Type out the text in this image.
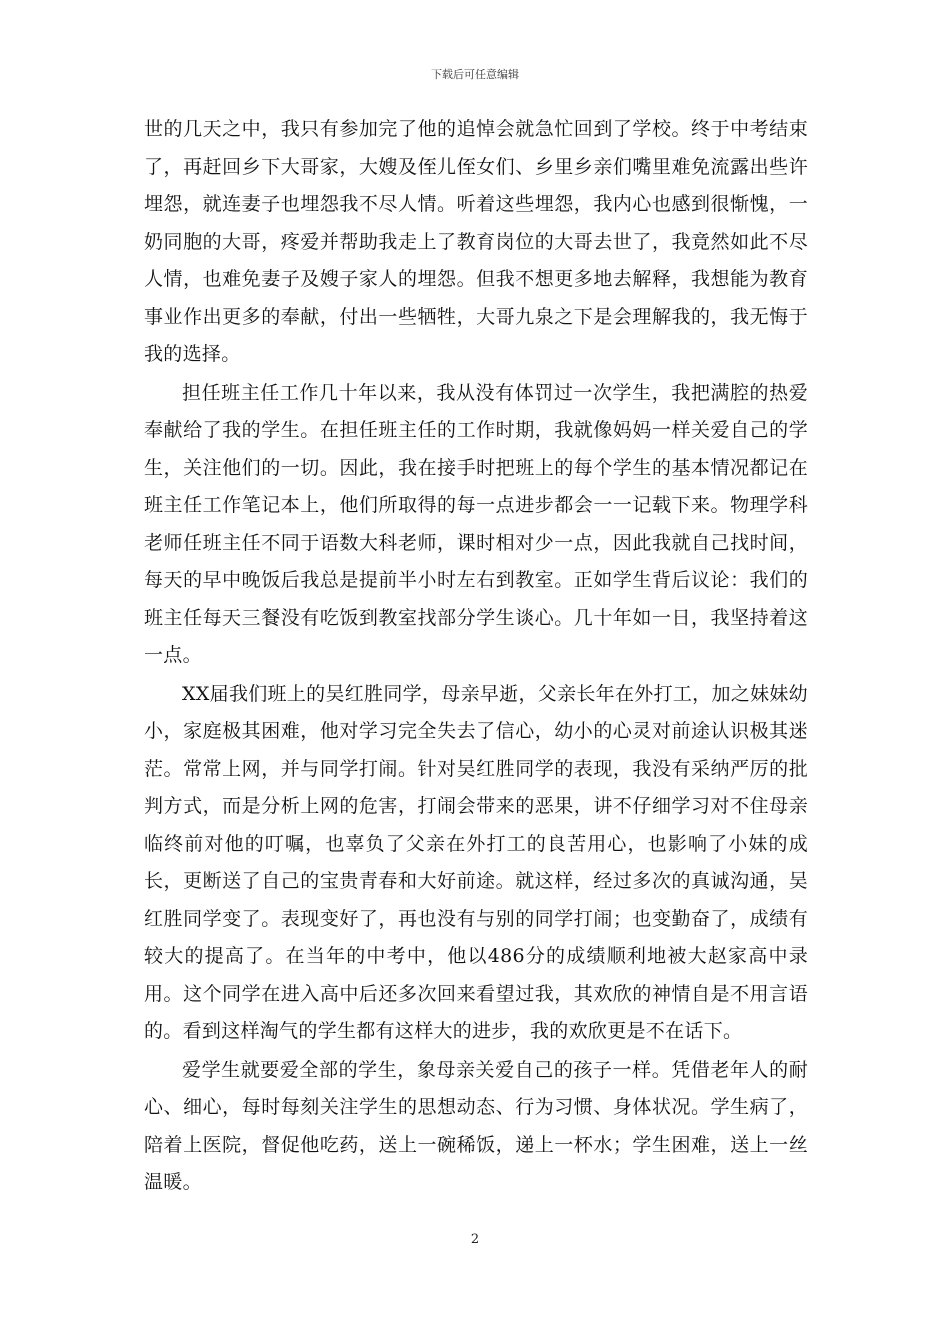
下载后可任意编辑

世的几天之中，我只有参加完了他的追悼会就急忙回到了学校。终于中考结束了，再赶回乡下大哥家，大嫂及侄儿侄女们、乡里乡亲们嘴里难免流露出些许埋怨，就连妻子也埋怨我不尽人情。听着这些埋怨，我内心也感到很惭愧，一奶同胞的大哥，疼爱并帮助我走上了教育岗位的大哥去世了，我竟然如此不尽人情，也难免妻子及嫂子家人的埋怨。但我不想更多地去解释，我想能为教育事业作出更多的奉献，付出一些牺牲，大哥九泉之下是会理解我的，我无悔于我的选择。

担任班主任工作几十年以来，我从没有体罚过一次学生，我把满腔的热爱奉献给了我的学生。在担任班主任的工作时期，我就像妈妈一样关爱自己的学生，关注他们的一切。因此，我在接手时把班上的每个学生的基本情况都记在班主任工作笔记本上，他们所取得的每一点进步都会一一记载下来。物理学科老师任班主任不同于语数大科老师，课时相对少一点，因此我就自己找时间，每天的早中晚饭后我总是提前半小时左右到教室。正如学生背后议论：我们的班主任每天三餐没有吃饭到教室找部分学生谈心。几十年如一日，我坚持着这一点。

XX届我们班上的吴红胜同学，母亲早逝，父亲长年在外打工，加之妹妹幼小，家庭极其困难，他对学习完全失去了信心，幼小的心灵对前途认识极其迷茫。常常上网，并与同学打闹。针对吴红胜同学的表现，我没有采纳严厉的批判方式，而是分析上网的危害，打闹会带来的恶果，讲不仔细学习对不住母亲临终前对他的叮嘱，也辜负了父亲在外打工的良苦用心，也影响了小妹的成长，更断送了自己的宝贵青春和大好前途。就这样，经过多次的真诚沟通，吴红胜同学变了。表现变好了，再也没有与别的同学打闹；也变勤奋了，成绩有较大的提高了。在当年的中考中，他以486分的成绩顺利地被大赵家高中录用。这个同学在进入高中后还多次回来看望过我，其欢欣的神情自是不用言语的。看到这样淘气的学生都有这样大的进步，我的欢欣更是不在话下。

爱学生就要爱全部的学生，象母亲关爱自己的孩子一样。凭借老年人的耐心、细心，每时每刻关注学生的思想动态、行为习惯、身体状况。学生病了，陪着上医院，督促他吃药，送上一碗稀饭，递上一杯水；学生困难，送上一丝温暖。

2
